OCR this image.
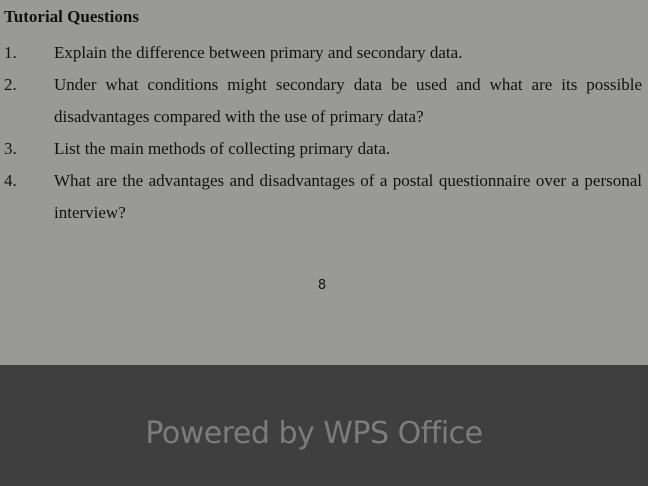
Tutorial Questions
1. Explain the difference between primary and secondary data.

2. Under what conditions might secondary data be used and what are its possible disadvantages compared with the use of primary data?

3. List the main methods of collecting primary data.

4. What are the advantages and disadvantages of a postal questionnaire over a personal interview?

8
Powered by WPS Office
